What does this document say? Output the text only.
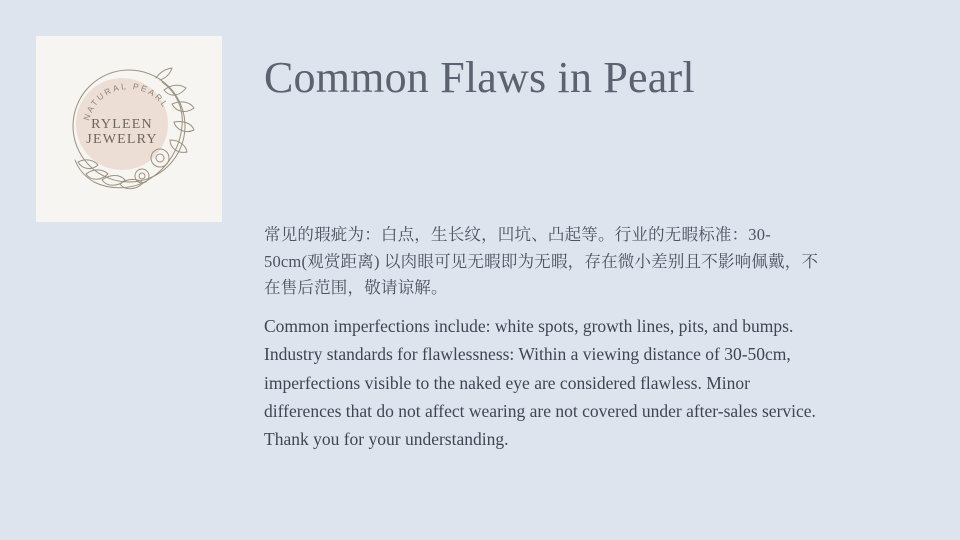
NATURAL PEARL
RYLEEN
JEWELRY
Common Flaws in Pearl
常见的瑕疵为：白点，生长纹，凹坑、凸起等。行业的无暇标准：30-50cm(观赏距离) 以肉眼可见无暇即为无暇，存在微小差别且不影响佩戴，不在售后范围，敬请谅解。
Common imperfections include: white spots, growth lines, pits, and bumps. Industry standards for flawlessness: Within a viewing distance of 30-50cm, imperfections visible to the naked eye are considered flawless. Minor differences that do not affect wearing are not covered under after-sales service. Thank you for your understanding.
